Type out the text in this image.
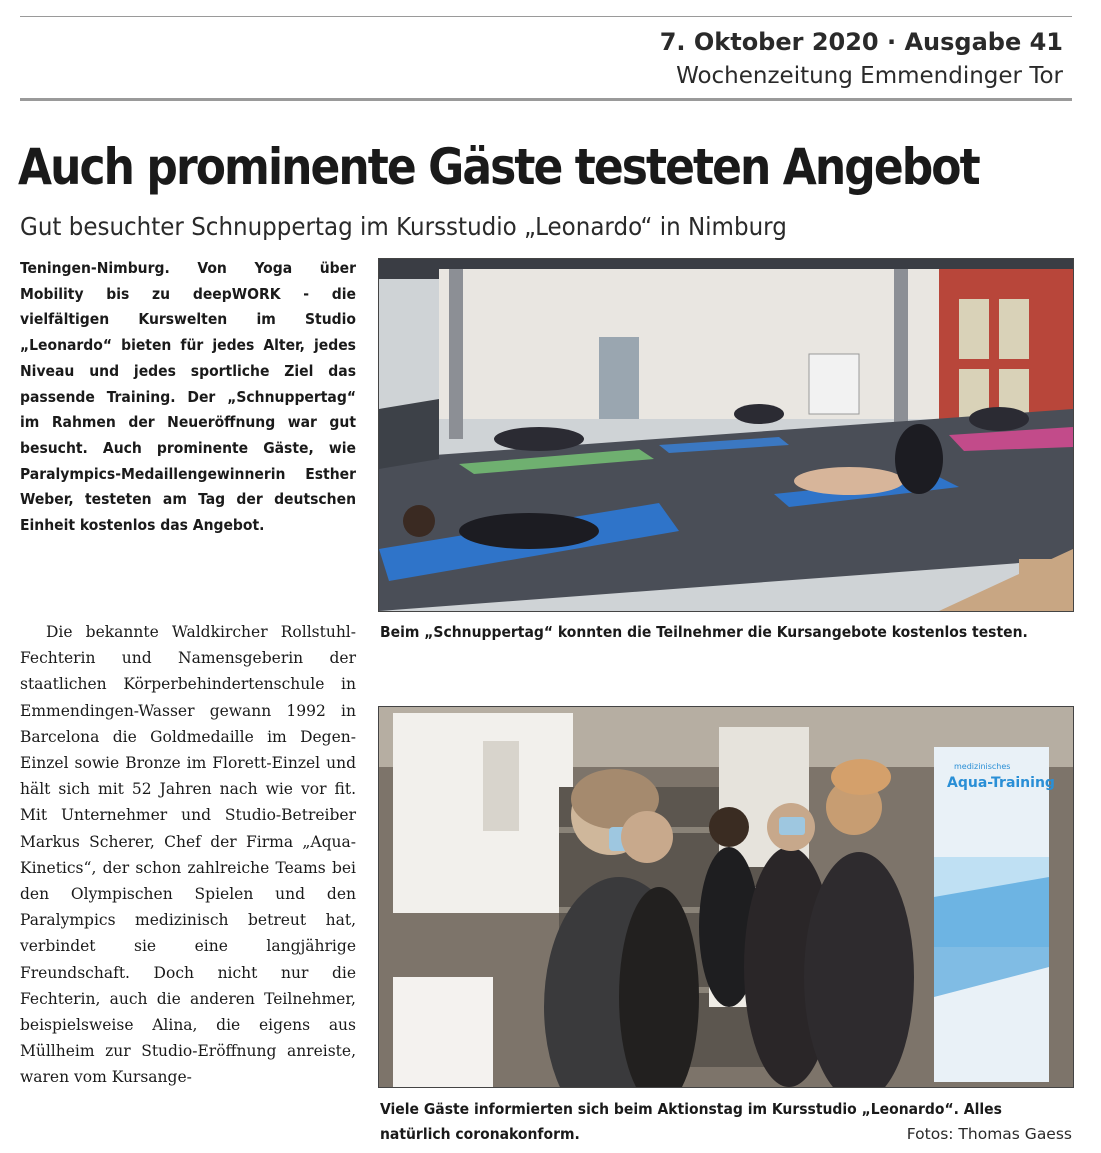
7. Oktober 2020 · Ausgabe 41
Wochenzeitung Emmendinger Tor
Auch prominente Gäste testeten Angebot
Gut besuchter Schnuppertag im Kursstudio „Leonardo“ in Nimburg

Teningen-Nimburg. Von Yoga über Mobility bis zu deepWORK - die vielfältigen Kurswelten im Studio „Leonardo“ bieten für jedes Alter, jedes Niveau und jedes sportliche Ziel das passende Training. Der „Schnuppertag“ im Rahmen der Neueröffnung war gut besucht. Auch prominente Gäste, wie Paralympics-Medaillengewinnerin Esther Weber, testeten am Tag der deutschen Einheit kostenlos das Angebot.

Die bekannte Waldkircher Rollstuhl-Fechterin und Namensgeberin der staatlichen Körperbehindertenschule in Emmendingen-Wasser gewann 1992 in Barcelona die Goldmedaille im Degen-Einzel sowie Bronze im Florett-Einzel und hält sich mit 52 Jahren nach wie vor fit. Mit Unternehmer und Studio-Betreiber Markus Scherer, Chef der Firma „Aqua-Kinetics“, der schon zahlreiche Teams bei den Olympischen Spielen und den Paralympics medizinisch betreut hat, verbindet sie eine langjährige Freundschaft. Doch nicht nur die Fechterin, auch die anderen Teilnehmer, beispielsweise Alina, die eigens aus Müllheim zur Studio-Eröffnung anreiste, waren vom Kursange-

Beim „Schnuppertag“ konnten die Teilnehmer die Kursangebote kostenlos testen.
medizinisches
Aqua-Training
Viele Gäste informierten sich beim Aktionstag im Kursstudio „Leonardo“. Alles natürlich coronakonform.	Fotos: Thomas Gaess
